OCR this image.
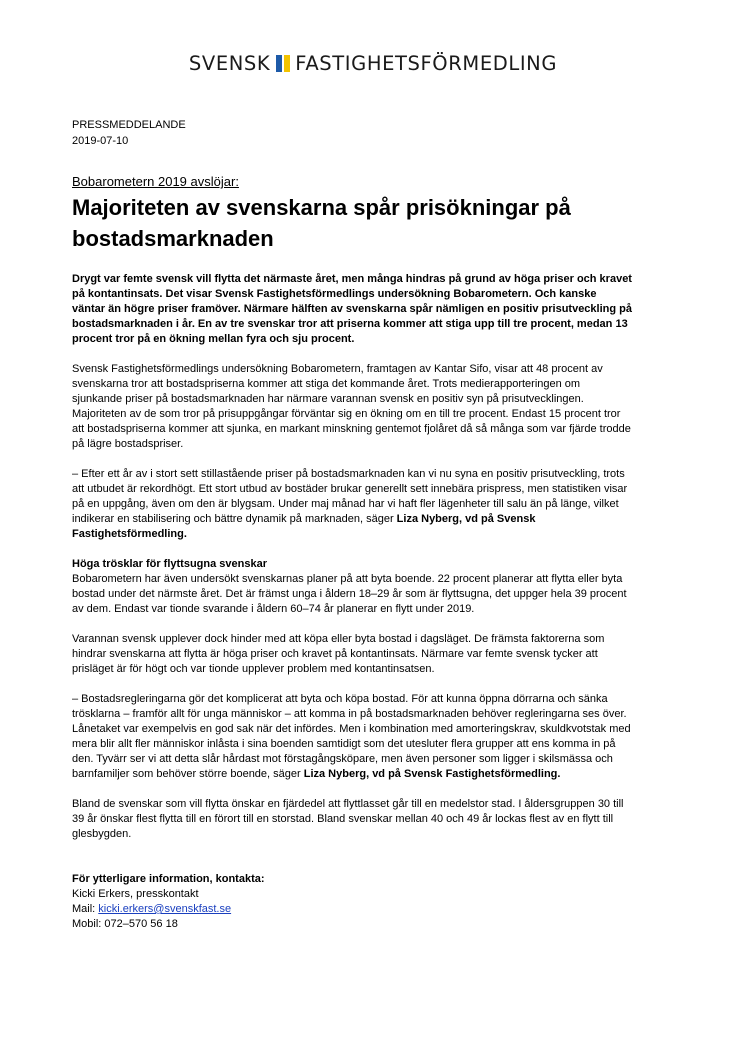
SVENSK FASTIGHETSFÖRMEDLING
PRESSMEDDELANDE
2019-07-10
Bobarometern 2019 avslöjar:
Majoriteten av svenskarna spår prisökningar på bostadsmarknaden

Drygt var femte svensk vill flytta det närmaste året, men många hindras på grund av höga priser och kravet på kontantinsats. Det visar Svensk Fastighetsförmedlings undersökning Bobarometern. Och kanske väntar än högre priser framöver. Närmare hälften av svenskarna spår nämligen en positiv prisutveckling på bostadsmarknaden i år. En av tre svenskar tror att priserna kommer att stiga upp till tre procent, medan 13 procent tror på en ökning mellan fyra och sju procent.

Svensk Fastighetsförmedlings undersökning Bobarometern, framtagen av Kantar Sifo, visar att 48 procent av svenskarna tror att bostadspriserna kommer att stiga det kommande året. Trots medierapporteringen om sjunkande priser på bostadsmarknaden har närmare varannan svensk en positiv syn på prisutvecklingen. Majoriteten av de som tror på prisuppgångar förväntar sig en ökning om en till tre procent. Endast 15 procent tror att bostadspriserna kommer att sjunka, en markant minskning gentemot fjolåret då så många som var fjärde trodde på lägre bostadspriser.

– Efter ett år av i stort sett stillastående priser på bostadsmarknaden kan vi nu syna en positiv prisutveckling, trots att utbudet är rekordhögt. Ett stort utbud av bostäder brukar generellt sett innebära prispress, men statistiken visar på en uppgång, även om den är blygsam. Under maj månad har vi haft fler lägenheter till salu än på länge, vilket indikerar en stabilisering och bättre dynamik på marknaden, säger Liza Nyberg, vd på Svensk Fastighetsförmedling.

Höga trösklar för flyttsugna svenskar

Bobarometern har även undersökt svenskarnas planer på att byta boende. 22 procent planerar att flytta eller byta bostad under det närmste året. Det är främst unga i åldern 18–29 år som är flyttsugna, det uppger hela 39 procent av dem. Endast var tionde svarande i åldern 60–74 år planerar en flytt under 2019.

Varannan svensk upplever dock hinder med att köpa eller byta bostad i dagsläget. De främsta faktorerna som hindrar svenskarna att flytta är höga priser och kravet på kontantinsats. Närmare var femte svensk tycker att prisläget är för högt och var tionde upplever problem med kontantinsatsen.

– Bostadsregleringarna gör det komplicerat att byta och köpa bostad. För att kunna öppna dörrarna och sänka trösklarna – framför allt för unga människor – att komma in på bostadsmarknaden behöver regleringarna ses över. Lånetaket var exempelvis en god sak när det infördes. Men i kombination med amorteringskrav, skuldkvotstak med mera blir allt fler människor inlåsta i sina boenden samtidigt som det utesluter flera grupper att ens komma in på den. Tyvärr ser vi att detta slår hårdast mot förstagångsköpare, men även personer som ligger i skilsmässa och barnfamiljer som behöver större boende, säger Liza Nyberg, vd på Svensk Fastighetsförmedling.

Bland de svenskar som vill flytta önskar en fjärdedel att flyttlasset går till en medelstor stad. I åldersgruppen 30 till 39 år önskar flest flytta till en förort till en storstad. Bland svenskar mellan 40 och 49 år lockas flest av en flytt till glesbygden.

För ytterligare information, kontakta:
Kicki Erkers, presskontakt
Mail: kicki.erkers@svenskfast.se
Mobil: 072–570 56 18
